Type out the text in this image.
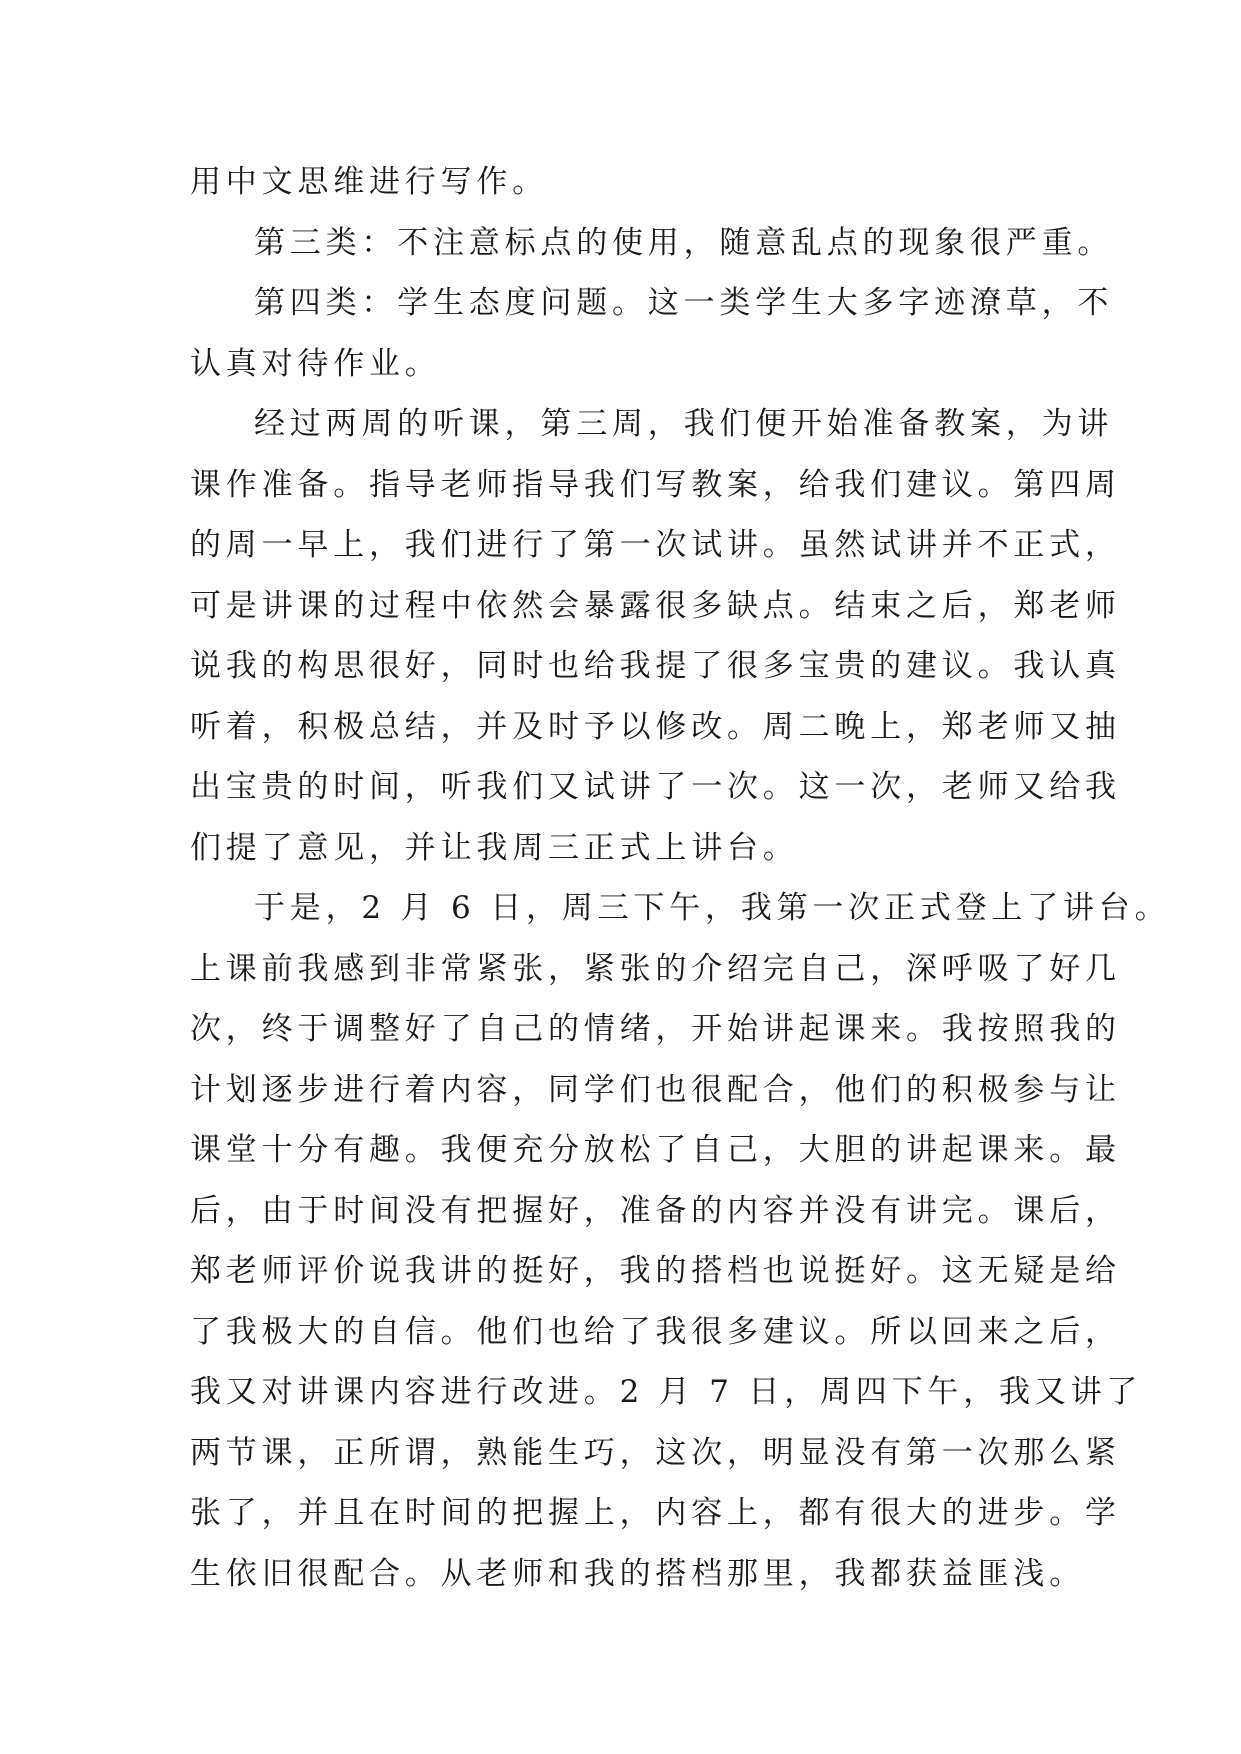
用中文思维进行写作。
第三类：不注意标点的使用，随意乱点的现象很严重。
第四类：学生态度问题。这一类学生大多字迹潦草，不
认真对待作业。
经过两周的听课，第三周，我们便开始准备教案，为讲
课作准备。指导老师指导我们写教案，给我们建议。第四周
的周一早上，我们进行了第一次试讲。虽然试讲并不正式，
可是讲课的过程中依然会暴露很多缺点。结束之后，郑老师
说我的构思很好，同时也给我提了很多宝贵的建议。我认真
听着，积极总结，并及时予以修改。周二晚上，郑老师又抽
出宝贵的时间，听我们又试讲了一次。这一次，老师又给我
们提了意见，并让我周三正式上讲台。
于是，2 月 6 日，周三下午，我第一次正式登上了讲台。
上课前我感到非常紧张，紧张的介绍完自己，深呼吸了好几
次，终于调整好了自己的情绪，开始讲起课来。我按照我的
计划逐步进行着内容，同学们也很配合，他们的积极参与让
课堂十分有趣。我便充分放松了自己，大胆的讲起课来。最
后，由于时间没有把握好，准备的内容并没有讲完。课后，
郑老师评价说我讲的挺好，我的搭档也说挺好。这无疑是给
了我极大的自信。他们也给了我很多建议。所以回来之后，
我又对讲课内容进行改进。2 月 7 日，周四下午，我又讲了
两节课，正所谓，熟能生巧，这次，明显没有第一次那么紧
张了，并且在时间的把握上，内容上，都有很大的进步。学
生依旧很配合。从老师和我的搭档那里，我都获益匪浅。
